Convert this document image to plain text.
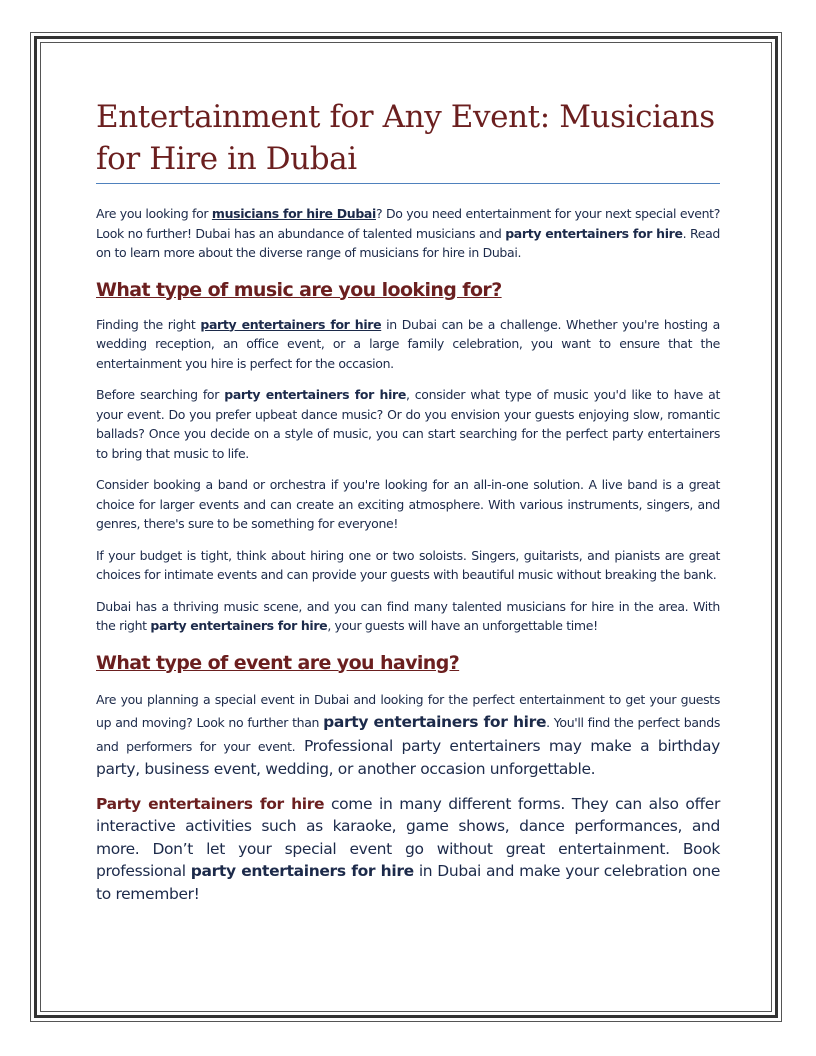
Entertainment for Any Event: Musicians for Hire in Dubai

Are you looking for musicians for hire Dubai? Do you need entertainment for your next special event? Look no further! Dubai has an abundance of talented musicians and party entertainers for hire. Read on to learn more about the diverse range of musicians for hire in Dubai.

What type of music are you looking for?

Finding the right party entertainers for hire in Dubai can be a challenge. Whether you're hosting a wedding reception, an office event, or a large family celebration, you want to ensure that the entertainment you hire is perfect for the occasion.

Before searching for party entertainers for hire, consider what type of music you'd like to have at your event. Do you prefer upbeat dance music? Or do you envision your guests enjoying slow, romantic ballads? Once you decide on a style of music, you can start searching for the perfect party entertainers to bring that music to life.

Consider booking a band or orchestra if you're looking for an all-in-one solution. A live band is a great choice for larger events and can create an exciting atmosphere. With various instruments, singers, and genres, there's sure to be something for everyone!

If your budget is tight, think about hiring one or two soloists. Singers, guitarists, and pianists are great choices for intimate events and can provide your guests with beautiful music without breaking the bank.

Dubai has a thriving music scene, and you can find many talented musicians for hire in the area. With the right party entertainers for hire, your guests will have an unforgettable time!

What type of event are you having?

Are you planning a special event in Dubai and looking for the perfect entertainment to get your guests up and moving? Look no further than party entertainers for hire. You'll find the perfect bands and performers for your event. Professional party entertainers may make a birthday party, business event, wedding, or another occasion unforgettable.

Party entertainers for hire come in many different forms. They can also offer interactive activities such as karaoke, game shows, dance performances, and more. Don’t let your special event go without great entertainment. Book professional party entertainers for hire in Dubai and make your celebration one to remember!
